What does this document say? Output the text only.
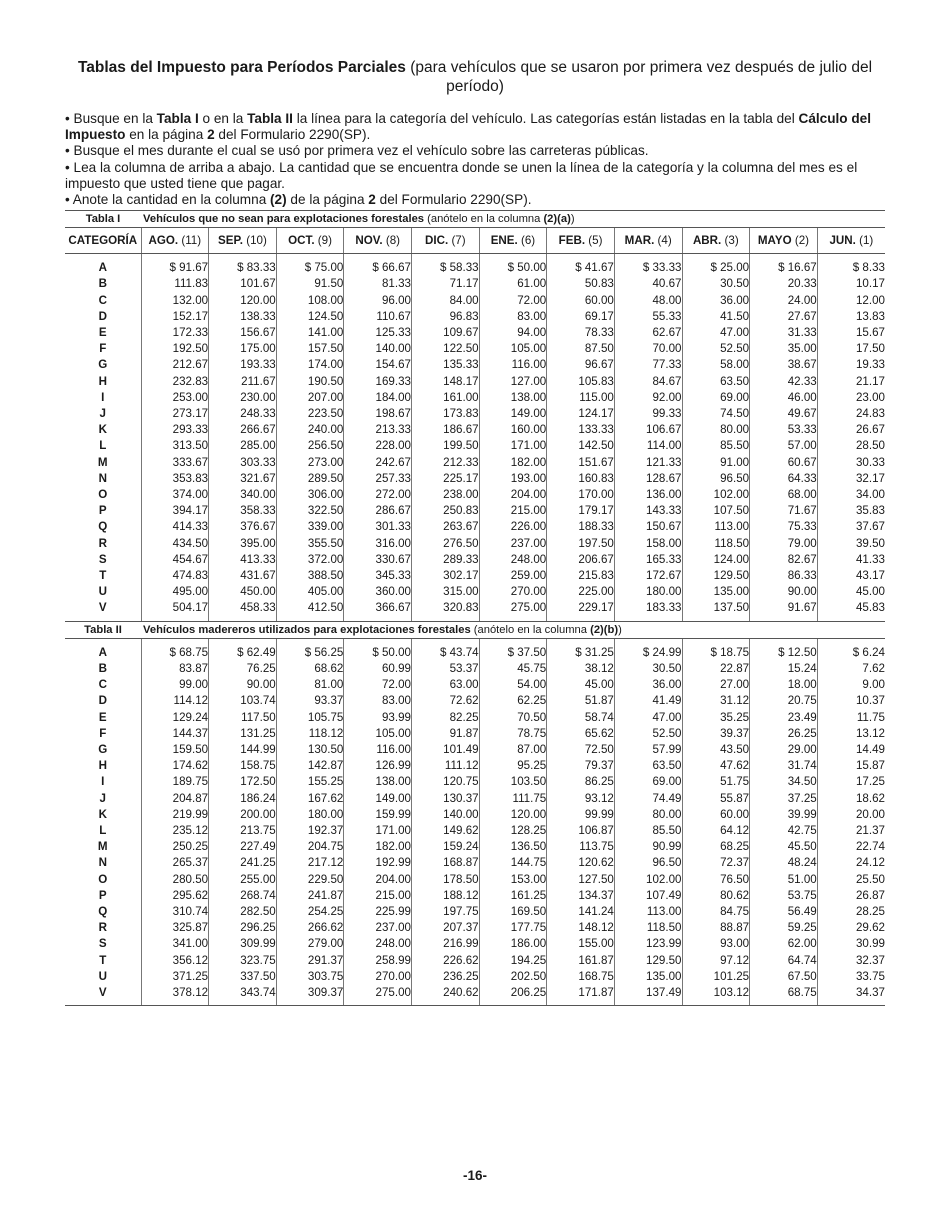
Tablas del Impuesto para Períodos Parciales (para vehículos que se usaron por primera vez después de julio del período)
• Busque en la Tabla I o en la Tabla II la línea para la categoría del vehículo. Las categorías están listadas en la tabla del Cálculo del Impuesto en la página 2 del Formulario 2290(SP).
• Busque el mes durante el cual se usó por primera vez el vehículo sobre las carreteras públicas.
• Lea la columna de arriba a abajo. La cantidad que se encuentra donde se unen la línea de la categoría y la columna del mes es el impuesto que usted tiene que pagar.
• Anote la cantidad en la columna (2) de la página 2 del Formulario 2290(SP).
Tabla I	Vehículos que no sean para explotaciones forestales (anótelo en la columna (2)(a))										
CATEGORÍA	AGO. (11)	SEP. (10)	OCT. (9)	NOV. (8)	DIC. (7)	ENE. (6)	FEB. (5)	MAR. (4)	ABR. (3)	MAYO (2)	JUN. (1)

A	$ 91.67	$ 83.33	$ 75.00	$ 66.67	$ 58.33	$ 50.00	$ 41.67	$ 33.33	$ 25.00	$ 16.67	$ 8.33
B	111.83	101.67	91.50	81.33	71.17	61.00	50.83	40.67	30.50	20.33	10.17
C	132.00	120.00	108.00	96.00	84.00	72.00	60.00	48.00	36.00	24.00	12.00
D	152.17	138.33	124.50	110.67	96.83	83.00	69.17	55.33	41.50	27.67	13.83
E	172.33	156.67	141.00	125.33	109.67	94.00	78.33	62.67	47.00	31.33	15.67
F	192.50	175.00	157.50	140.00	122.50	105.00	87.50	70.00	52.50	35.00	17.50
G	212.67	193.33	174.00	154.67	135.33	116.00	96.67	77.33	58.00	38.67	19.33
H	232.83	211.67	190.50	169.33	148.17	127.00	105.83	84.67	63.50	42.33	21.17
I	253.00	230.00	207.00	184.00	161.00	138.00	115.00	92.00	69.00	46.00	23.00
J	273.17	248.33	223.50	198.67	173.83	149.00	124.17	99.33	74.50	49.67	24.83
K	293.33	266.67	240.00	213.33	186.67	160.00	133.33	106.67	80.00	53.33	26.67
L	313.50	285.00	256.50	228.00	199.50	171.00	142.50	114.00	85.50	57.00	28.50
M	333.67	303.33	273.00	242.67	212.33	182.00	151.67	121.33	91.00	60.67	30.33
N	353.83	321.67	289.50	257.33	225.17	193.00	160.83	128.67	96.50	64.33	32.17
O	374.00	340.00	306.00	272.00	238.00	204.00	170.00	136.00	102.00	68.00	34.00
P	394.17	358.33	322.50	286.67	250.83	215.00	179.17	143.33	107.50	71.67	35.83
Q	414.33	376.67	339.00	301.33	263.67	226.00	188.33	150.67	113.00	75.33	37.67
R	434.50	395.00	355.50	316.00	276.50	237.00	197.50	158.00	118.50	79.00	39.50
S	454.67	413.33	372.00	330.67	289.33	248.00	206.67	165.33	124.00	82.67	41.33
T	474.83	431.67	388.50	345.33	302.17	259.00	215.83	172.67	129.50	86.33	43.17
U	495.00	450.00	405.00	360.00	315.00	270.00	225.00	180.00	135.00	90.00	45.00
V	504.17	458.33	412.50	366.67	320.83	275.00	229.17	183.33	137.50	91.67	45.83

Tabla II	Vehículos madereros utilizados para explotaciones forestales (anótelo en la columna (2)(b))										

A	$ 68.75	$ 62.49	$ 56.25	$ 50.00	$ 43.74	$ 37.50	$ 31.25	$ 24.99	$ 18.75	$ 12.50	$ 6.24
B	83.87	76.25	68.62	60.99	53.37	45.75	38.12	30.50	22.87	15.24	7.62
C	99.00	90.00	81.00	72.00	63.00	54.00	45.00	36.00	27.00	18.00	9.00
D	114.12	103.74	93.37	83.00	72.62	62.25	51.87	41.49	31.12	20.75	10.37
E	129.24	117.50	105.75	93.99	82.25	70.50	58.74	47.00	35.25	23.49	11.75
F	144.37	131.25	118.12	105.00	91.87	78.75	65.62	52.50	39.37	26.25	13.12
G	159.50	144.99	130.50	116.00	101.49	87.00	72.50	57.99	43.50	29.00	14.49
H	174.62	158.75	142.87	126.99	111.12	95.25	79.37	63.50	47.62	31.74	15.87
I	189.75	172.50	155.25	138.00	120.75	103.50	86.25	69.00	51.75	34.50	17.25
J	204.87	186.24	167.62	149.00	130.37	111.75	93.12	74.49	55.87	37.25	18.62
K	219.99	200.00	180.00	159.99	140.00	120.00	99.99	80.00	60.00	39.99	20.00
L	235.12	213.75	192.37	171.00	149.62	128.25	106.87	85.50	64.12	42.75	21.37
M	250.25	227.49	204.75	182.00	159.24	136.50	113.75	90.99	68.25	45.50	22.74
N	265.37	241.25	217.12	192.99	168.87	144.75	120.62	96.50	72.37	48.24	24.12
O	280.50	255.00	229.50	204.00	178.50	153.00	127.50	102.00	76.50	51.00	25.50
P	295.62	268.74	241.87	215.00	188.12	161.25	134.37	107.49	80.62	53.75	26.87
Q	310.74	282.50	254.25	225.99	197.75	169.50	141.24	113.00	84.75	56.49	28.25
R	325.87	296.25	266.62	237.00	207.37	177.75	148.12	118.50	88.87	59.25	29.62
S	341.00	309.99	279.00	248.00	216.99	186.00	155.00	123.99	93.00	62.00	30.99
T	356.12	323.75	291.37	258.99	226.62	194.25	161.87	129.50	97.12	64.74	32.37
U	371.25	337.50	303.75	270.00	236.25	202.50	168.75	135.00	101.25	67.50	33.75
V	378.12	343.74	309.37	275.00	240.62	206.25	171.87	137.49	103.12	68.75	34.37

-16-
